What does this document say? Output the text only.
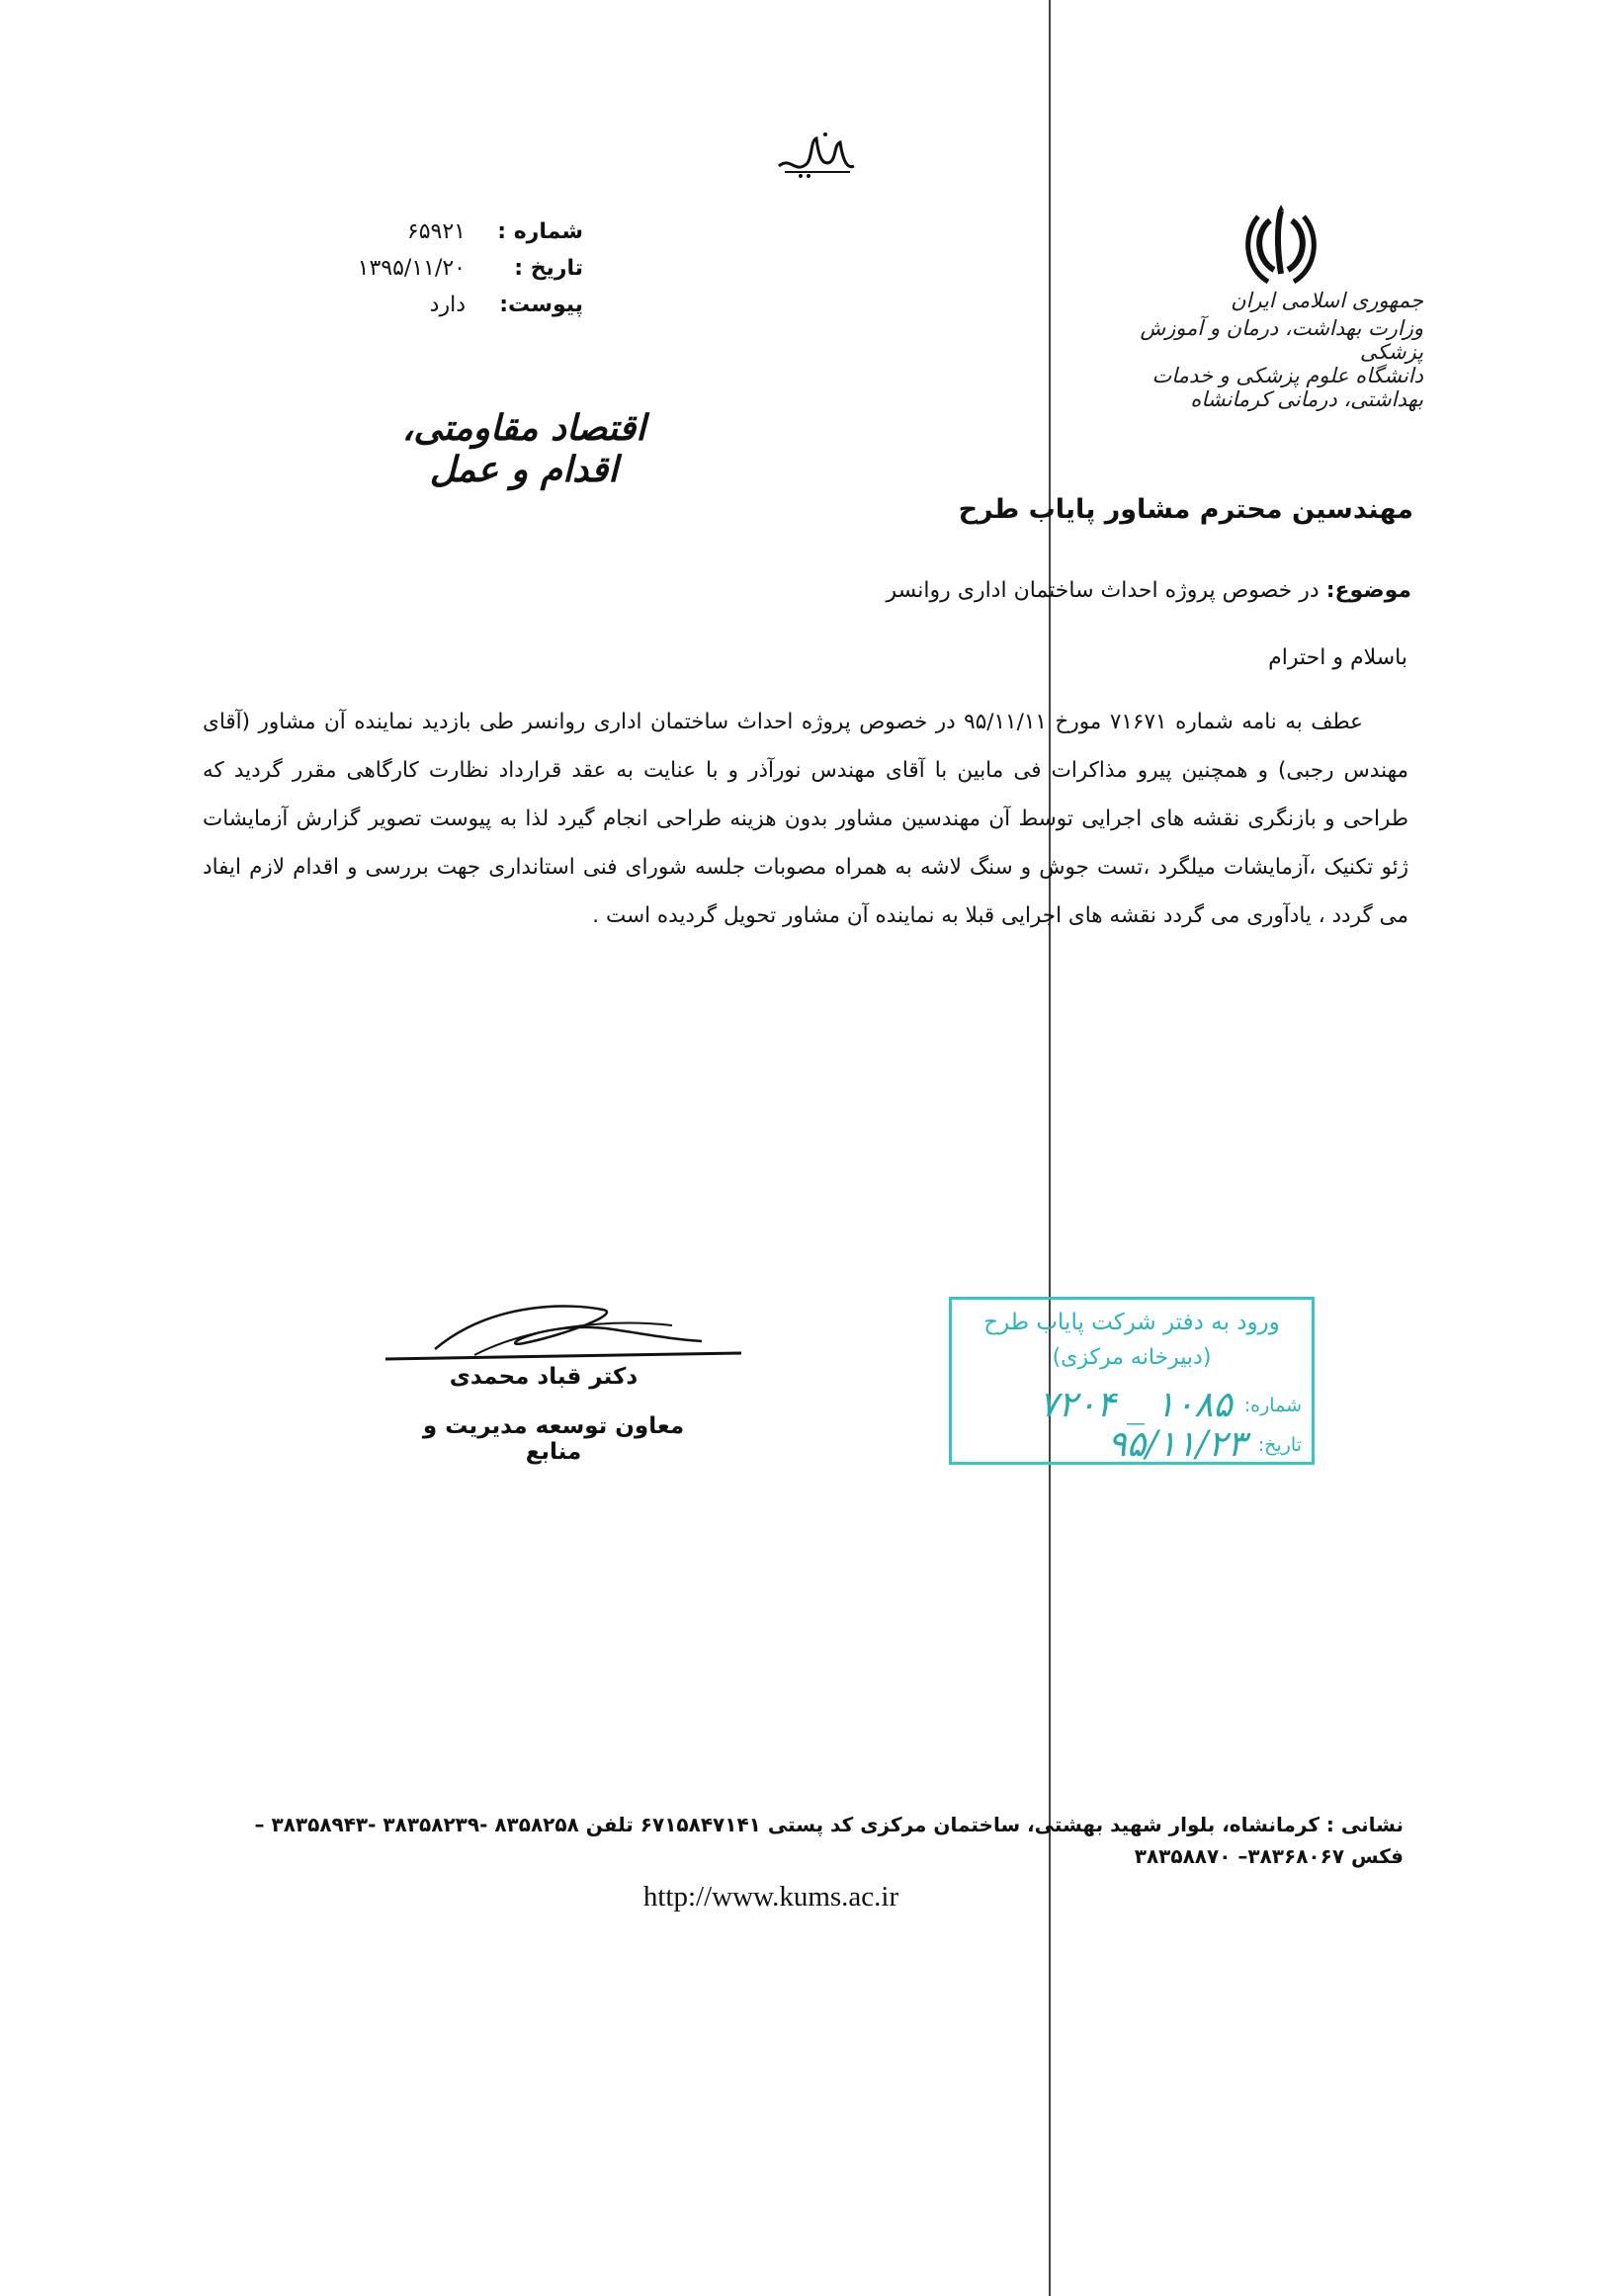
جمهوری اسلامی ایران
وزارت بهداشت، درمان و آموزش پزشکی
دانشگاه علوم پزشکی و خدمات بهداشتی، درمانی کرمانشاه
شماره :
۶۵۹۲۱
تاریخ :
۱۳۹۵/۱۱/۲۰
پیوست:
دارد
اقتصاد مقاومتی، اقدام و عمل
مهندسین محترم مشاور پایاب طرح
موضوع: در خصوص پروژه احداث ساختمان اداری روانسر
باسلام و احترام
عطف به نامه شماره ۷۱۶۷۱ مورخ ۹۵/۱۱/۱۱ در خصوص پروژه احداث ساختمان اداری روانسر طی بازدید نماینده آن مشاور (آقای مهندس رجبی) و همچنین پیرو مذاکرات فی مابین با آقای مهندس نورآذر و با عنایت به عقد قرارداد نظارت کارگاهی مقرر گردید که طراحی و بازنگری نقشه های اجرایی توسط آن مهندسین مشاور بدون هزینه طراحی انجام گیرد لذا به پیوست تصویر گزارش آزمایشات ژئو تکنیک ،آزمایشات میلگرد ،تست جوش و سنگ لاشه به همراه مصوبات جلسه شورای فنی استانداری جهت بررسی و اقدام لازم ایفاد می گردد ، یادآوری می گردد نقشه های اجرایی قبلا به نماینده آن مشاور تحویل گردیده است .
دکتر قباد محمدی
معاون توسعه مدیریت و منابع
ورود به دفتر شرکت پایاب طرح
(دبیرخانه مرکزی)
شماره:
۱۰۸۵ _ ۷۲۰۴
تاریخ:
۹۵/۱۱/۲۳
نشانی : کرمانشاه، بلوار شهید بهشتی، ساختمان مرکزی کد پستی ۶۷۱۵۸۴۷۱۴۱ تلفن ۸۳۵۸۲۵۸ -۳۸۳۵۸۲۳۹ -۳۸۳۵۸۹۴۳ – فکس ۳۸۳۶۸۰۶۷– ۳۸۳۵۸۸۷۰
http://www.kums.ac.ir
